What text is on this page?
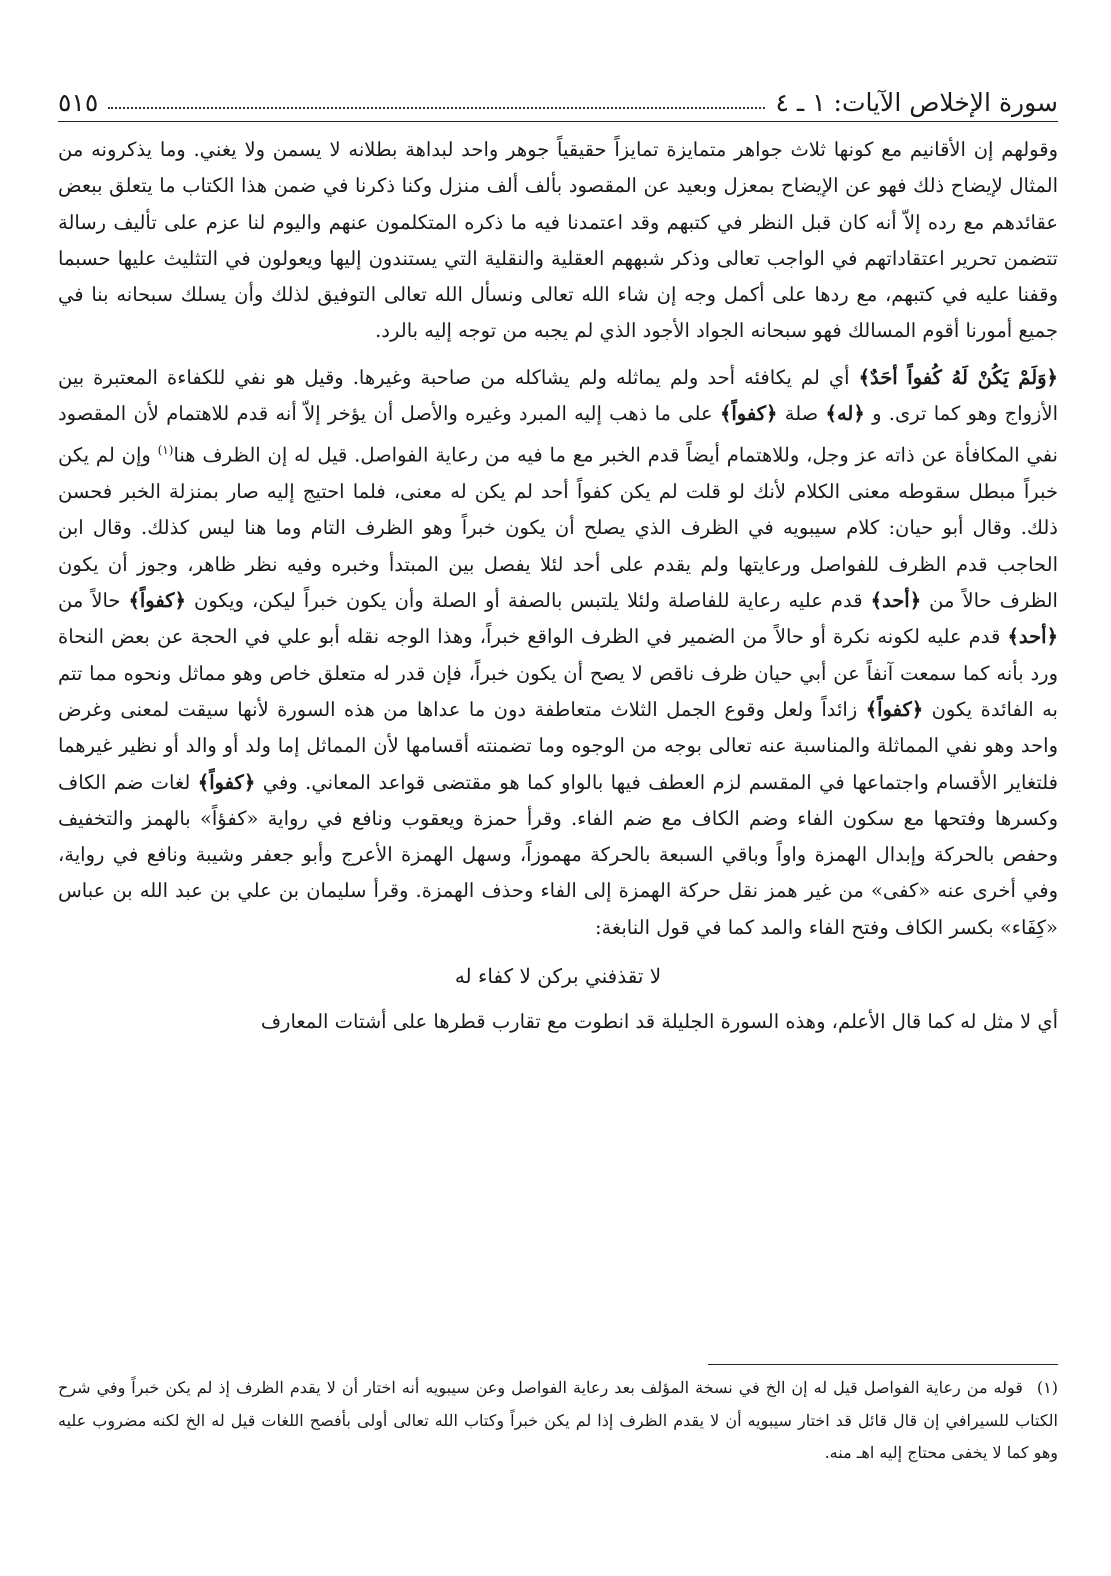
سورة الإخلاص الآيات: ١ ـ ٤
٥١٥

وقولهم إن الأقانيم مع كونها ثلاث جواهر متمايزة تمايزاً حقيقياً جوهر واحد لبداهة بطلانه لا يسمن ولا يغني. وما يذكرونه من المثال لإيضاح ذلك فهو عن الإيضاح بمعزل وبعيد عن المقصود بألف ألف منزل وكنا ذكرنا في ضمن هذا الكتاب ما يتعلق ببعض عقائدهم مع رده إلاّ أنه كان قبل النظر في كتبهم وقد اعتمدنا فيه ما ذكره المتكلمون عنهم واليوم لنا عزم على تأليف رسالة تتضمن تحرير اعتقاداتهم في الواجب تعالى وذكر شبههم العقلية والنقلية التي يستندون إليها ويعولون في التثليث عليها حسبما وقفنا عليه في كتبهم، مع ردها على أكمل وجه إن شاء الله تعالى ونسأل الله تعالى التوفيق لذلك وأن يسلك سبحانه بنا في جميع أمورنا أقوم المسالك فهو سبحانه الجواد الأجود الذي لم يجبه من توجه إليه بالرد.

﴿وَلَمْ يَكُنْ لَهُ كُفواً أحَدٌ﴾ أي لم يكافئه أحد ولم يماثله ولم يشاكله من صاحبة وغيرها. وقيل هو نفي للكفاءة المعتبرة بين الأزواج وهو كما ترى. و ﴿له﴾ صلة ﴿كفواً﴾ على ما ذهب إليه المبرد وغيره والأصل أن يؤخر إلاّ أنه قدم للاهتمام لأن المقصود نفي المكافأة عن ذاته عز وجل، وللاهتمام أيضاً قدم الخبر مع ما فيه من رعاية الفواصل. قيل له إن الظرف هنا$^{(١)}$ وإن لم يكن خبراً مبطل سقوطه معنى الكلام لأنك لو قلت لم يكن كفواً أحد لم يكن له معنى، فلما احتيج إليه صار بمنزلة الخبر فحسن ذلك. وقال أبو حيان: كلام سيبويه في الظرف الذي يصلح أن يكون خبراً وهو الظرف التام وما هنا ليس كذلك. وقال ابن الحاجب قدم الظرف للفواصل ورعايتها ولم يقدم على أحد لئلا يفصل بين المبتدأ وخبره وفيه نظر ظاهر، وجوز أن يكون الظرف حالاً من ﴿أحد﴾ قدم عليه رعاية للفاصلة ولئلا يلتبس بالصفة أو الصلة وأن يكون خبراً ليكن، ويكون ﴿كفواً﴾ حالاً من ﴿أحد﴾ قدم عليه لكونه نكرة أو حالاً من الضمير في الظرف الواقع خبراً، وهذا الوجه نقله أبو علي في الحجة عن بعض النحاة ورد بأنه كما سمعت آنفاً عن أبي حيان ظرف ناقص لا يصح أن يكون خبراً، فإن قدر له متعلق خاص وهو مماثل ونحوه مما تتم به الفائدة يكون ﴿كفواً﴾ زائداً ولعل وقوع الجمل الثلاث متعاطفة دون ما عداها من هذه السورة لأنها سيقت لمعنى وغرض واحد وهو نفي المماثلة والمناسبة عنه تعالى بوجه من الوجوه وما تضمنته أقسامها لأن المماثل إما ولد أو والد أو نظير غيرهما فلتغاير الأقسام واجتماعها في المقسم لزم العطف فيها بالواو كما هو مقتضى قواعد المعاني. وفي ﴿كفواً﴾ لغات ضم الكاف وكسرها وفتحها مع سكون الفاء وضم الكاف مع ضم الفاء. وقرأ حمزة ويعقوب ونافع في رواية «كفؤاً» بالهمز والتخفيف وحفص بالحركة وإبدال الهمزة واواً وباقي السبعة بالحركة مهموزاً، وسهل الهمزة الأعرج وأبو جعفر وشيبة ونافع في رواية، وفي أخرى عنه «كفى» من غير همز نقل حركة الهمزة إلى الفاء وحذف الهمزة. وقرأ سليمان بن علي بن عبد الله بن عباس «كِفَاء» بكسر الكاف وفتح الفاء والمد كما في قول النابغة:

لا تقذفني بركن لا كفاء له

أي لا مثل له كما قال الأعلم، وهذه السورة الجليلة قد انطوت مع تقارب قطرها على أشتات المعارف

(١)قوله من رعاية الفواصل قيل له إن الخ في نسخة المؤلف بعد رعاية الفواصل وعن سيبويه أنه اختار أن لا يقدم الظرف إذ لم يكن خبراً وفي شرح الكتاب للسيرافي إن قال قائل قد اختار سيبويه أن لا يقدم الظرف إذا لم يكن خبراً وكتاب الله تعالى أولى بأفصح اللغات قيل له الخ لكنه مضروب عليه وهو كما لا يخفى محتاج إليه اهـ منه.
